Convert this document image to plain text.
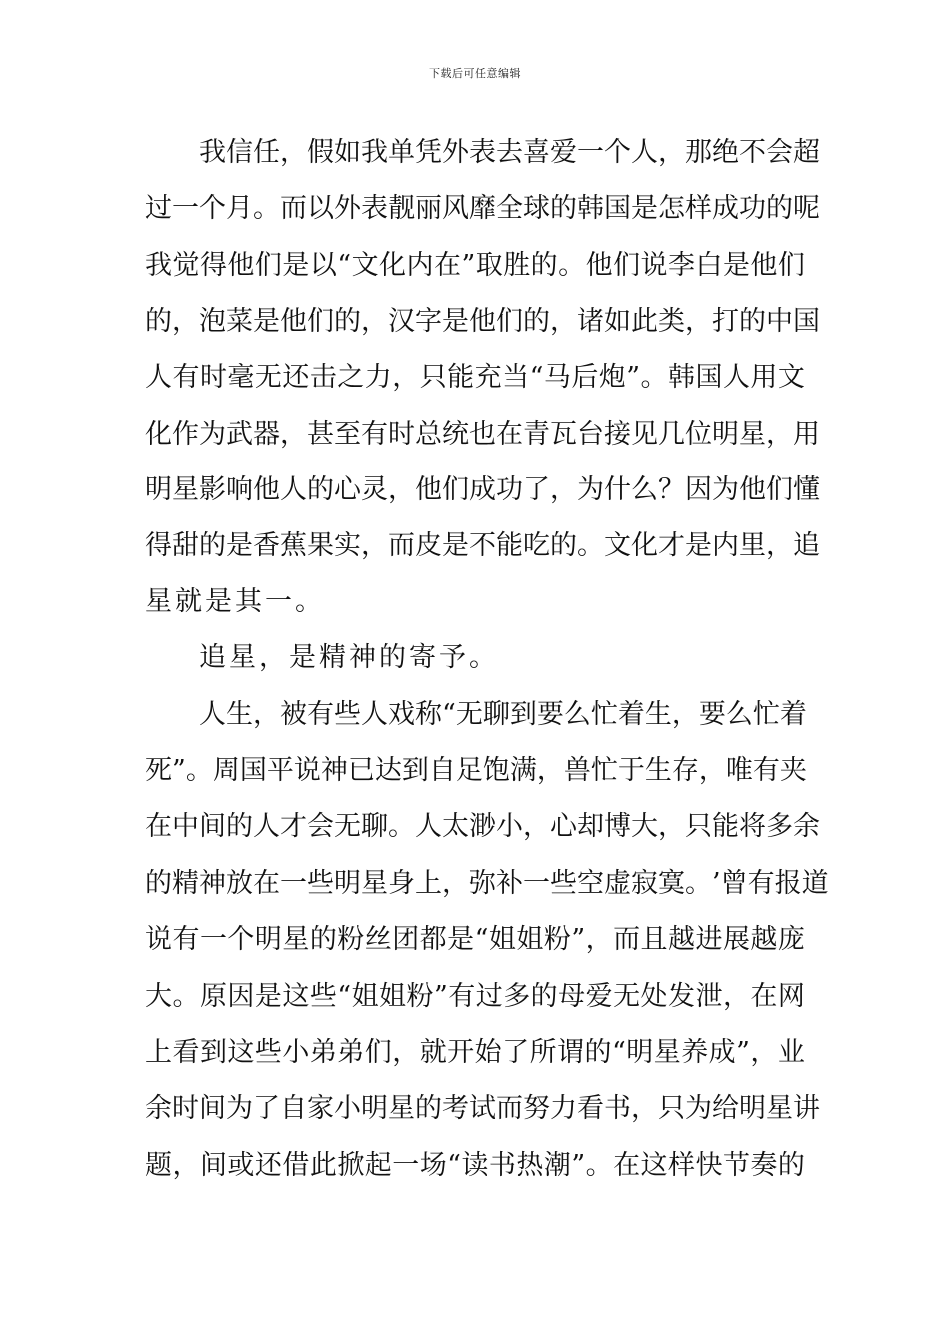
下载后可任意编辑
我 信 任 ， 假 如 我 单 凭 外 表 去 喜 爱 一 个 人 ， 那 绝 不 会 超
过 一 个 月 。 而 以 外 表 靓 丽 风 靡 全 球 的 韩 国 是 怎 样 成 功 的 呢
我 觉 得 他 们 是 以 “ 文 化 内 在 ” 取 胜 的 。 他 们 说 李 白 是 他 们
的 ， 泡 菜 是 他 们 的 ， 汉 字 是 他 们 的 ， 诸 如 此 类 ， 打 的 中 国
人 有 时 毫 无 还 击 之 力 ， 只 能 充 当 “ 马 后 炮 ” 。 韩 国 人 用 文
化 作 为 武 器 ， 甚 至 有 时 总 统 也 在 青 瓦 台 接 见 几 位 明 星 ， 用
明 星 影 响 他 人 的 心 灵 ， 他 们 成 功 了 ， 为 什 么 ？ 因 为 他 们 懂
得 甜 的 是 香 蕉 果 实 ， 而 皮 是 不 能 吃 的 。 文 化 才 是 内 里 ， 追
星就是其一。
追星，是精神的寄予。
人 生 ， 被 有 些 人 戏 称 “ 无 聊 到 要 么 忙 着 生 ， 要 么 忙 着
死 ” 。 周 国 平 说 神 已 达 到 自 足 饱 满 ， 兽 忙 于 生 存 ， 唯 有 夹
在 中 间 的 人 才 会 无 聊 。 人 太 渺 小 ， 心 却 博 大 ， 只 能 将 多 余
的 精 神 放 在 一 些 明 星 身 上 ， 弥 补 一 些 空 虚 寂 寞 。 ’ 曾 有 报 道
说 有 一 个 明 星 的 粉 丝 团 都 是 “ 姐 姐 粉 ” ， 而 且 越 进 展 越 庞
大 。 原 因 是 这 些 “ 姐 姐 粉 ” 有 过 多 的 母 爱 无 处 发 泄 ， 在 网
上 看 到 这 些 小 弟 弟 们 ， 就 开 始 了 所 谓 的 “ 明 星 养 成 ” ， 业
余 时 间 为 了 自 家 小 明 星 的 考 试 而 努 力 看 书 ， 只 为 给 明 星 讲
题 ， 间 或 还 借 此 掀 起 一 场 “ 读 书 热 潮 ” 。 在 这 样 快 节 奏 的
